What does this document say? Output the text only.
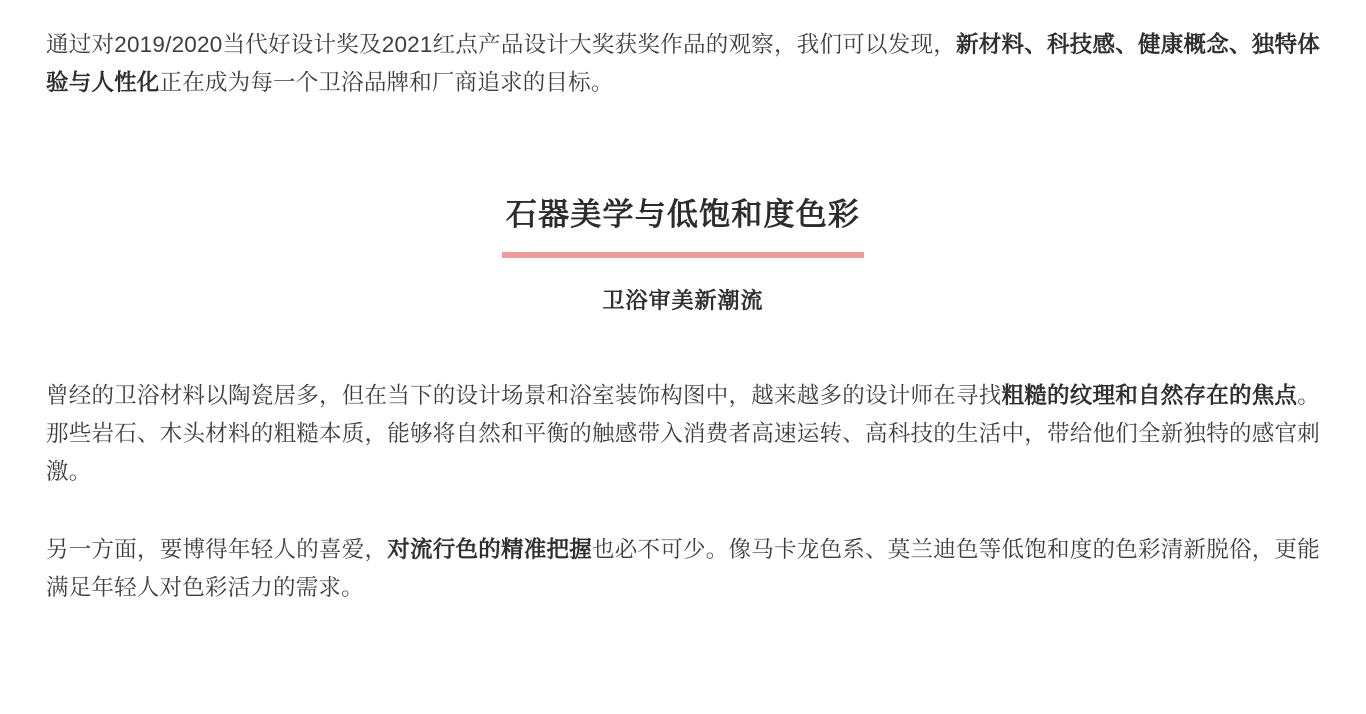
通过对2019/2020当代好设计奖及2021红点产品设计大奖获奖作品的观察，我们可以发现，新材料、科技感、健康概念、独特体验与人性化正在成为每一个卫浴品牌和厂商追求的目标。

石器美学与低饱和度色彩
卫浴审美新潮流

曾经的卫浴材料以陶瓷居多，但在当下的设计场景和浴室装饰构图中，越来越多的设计师在寻找粗糙的纹理和自然存在的焦点。那些岩石、木头材料的粗糙本质，能够将自然和平衡的触感带入消费者高速运转、高科技的生活中，带给他们全新独特的感官刺激。

另一方面，要博得年轻人的喜爱，对流行色的精准把握也必不可少。像马卡龙色系、莫兰迪色等低饱和度的色彩清新脱俗，更能满足年轻人对色彩活力的需求。
